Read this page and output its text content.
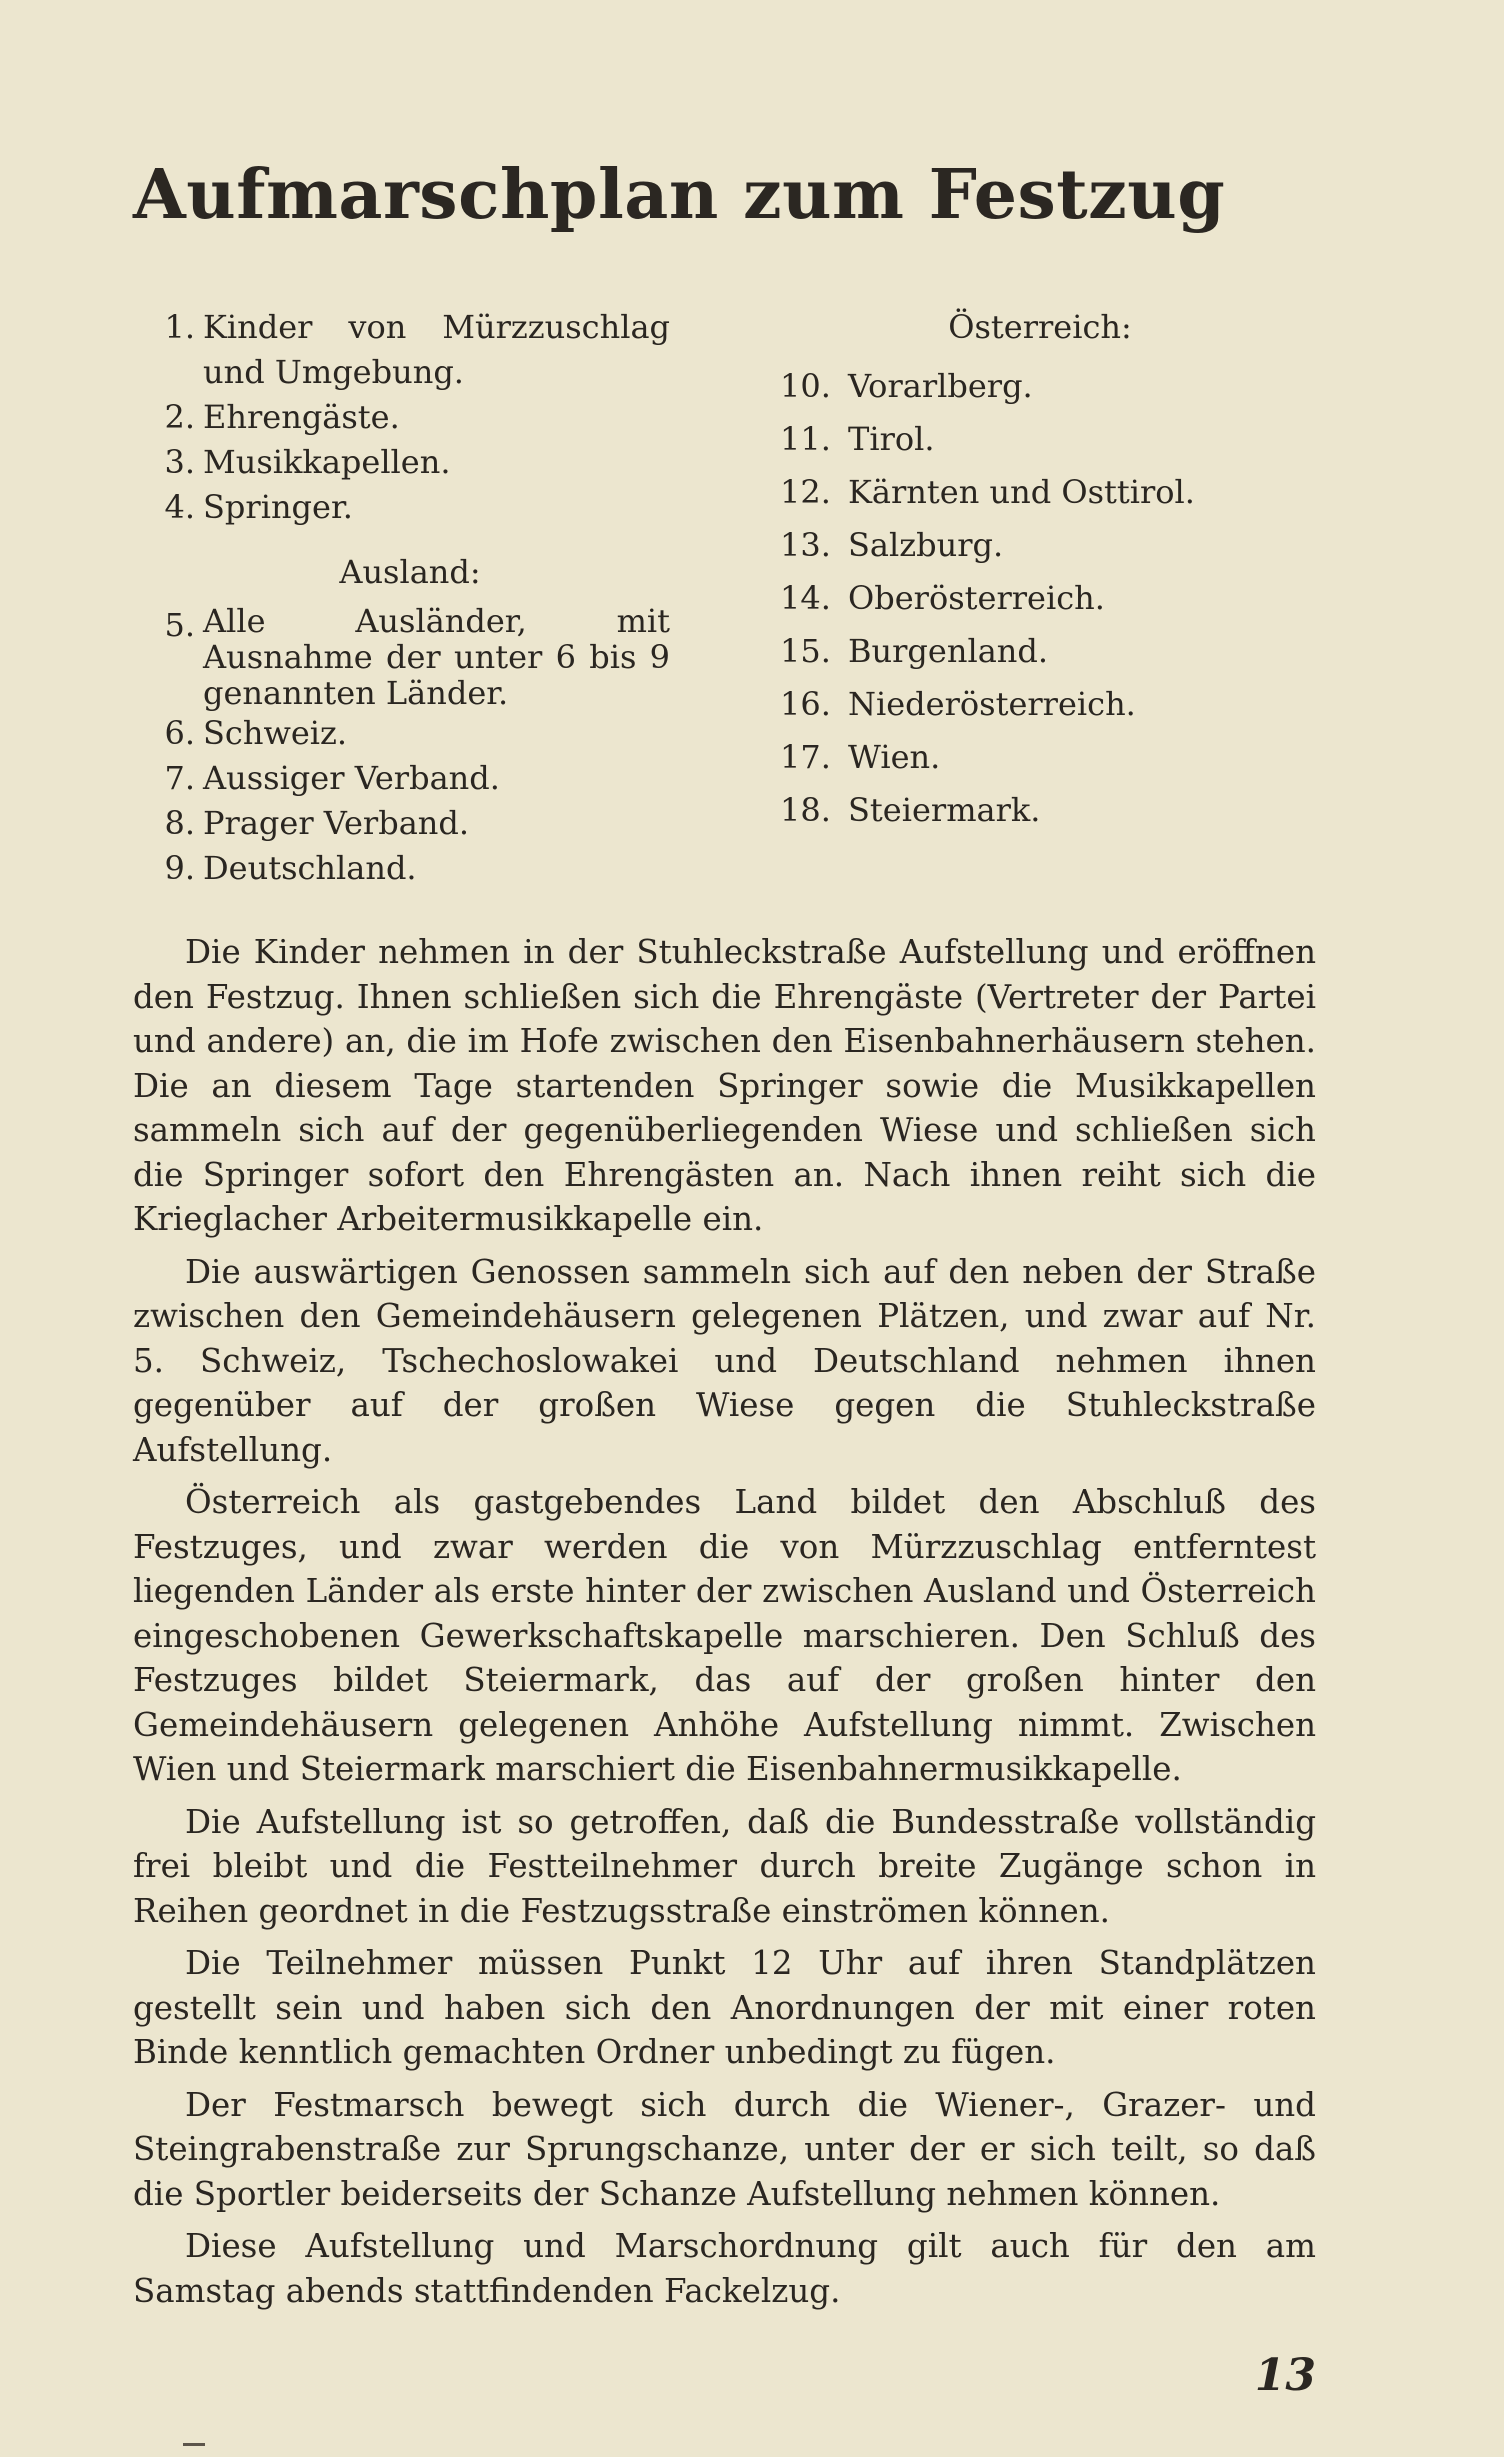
Aufmarschplan zum Festzug
1. Kinder von Mürzzuschlag und Umgebung.
2. Ehrengäste.
3. Musikkapellen.
4. Springer.
Ausland:
5. Alle Ausländer, mit Ausnahme der unter 6 bis 9 genannten Länder.
6. Schweiz.
7. Aussiger Verband.
8. Prager Verband.
9. Deutschland.
Österreich:
10. Vorarlberg.
11. Tirol.
12. Kärnten und Osttirol.
13. Salzburg.
14. Oberösterreich.
15. Burgenland.
16. Niederösterreich.
17. Wien.
18. Steiermark.

Die Kinder nehmen in der Stuhleckstraße Aufstellung und eröffnen den Festzug. Ihnen schließen sich die Ehrengäste (Vertreter der Partei und andere) an, die im Hofe zwischen den Eisenbahnerhäusern stehen. Die an diesem Tage startenden Springer sowie die Musikkapellen sammeln sich auf der gegenüberliegenden Wiese und schließen sich die Springer sofort den Ehrengästen an. Nach ihnen reiht sich die Krieglacher Arbeitermusikkapelle ein.

Die auswärtigen Genossen sammeln sich auf den neben der Straße zwischen den Gemeindehäusern gelegenen Plätzen, und zwar auf Nr. 5. Schweiz, Tschechoslowakei und Deutschland nehmen ihnen gegenüber auf der großen Wiese gegen die Stuhleckstraße Aufstellung.

Österreich als gastgebendes Land bildet den Abschluß des Festzuges, und zwar werden die von Mürzzuschlag entferntest liegenden Länder als erste hinter der zwischen Ausland und Österreich eingeschobenen Gewerkschaftskapelle marschieren. Den Schluß des Festzuges bildet Steiermark, das auf der großen hinter den Gemeindehäusern gelegenen Anhöhe Aufstellung nimmt. Zwischen Wien und Steiermark marschiert die Eisenbahnermusikkapelle.

Die Aufstellung ist so getroffen, daß die Bundesstraße vollständig frei bleibt und die Festteilnehmer durch breite Zugänge schon in Reihen geordnet in die Festzugsstraße einströmen können.

Die Teilnehmer müssen Punkt 12 Uhr auf ihren Standplätzen gestellt sein und haben sich den Anordnungen der mit einer roten Binde kenntlich gemachten Ordner unbedingt zu fügen.

Der Festmarsch bewegt sich durch die Wiener-, Grazer- und Steingrabenstraße zur Sprungschanze, unter der er sich teilt, so daß die Sportler beiderseits der Schanze Aufstellung nehmen können.

Diese Aufstellung und Marschordnung gilt auch für den am Samstag abends stattfindenden Fackelzug.

13
